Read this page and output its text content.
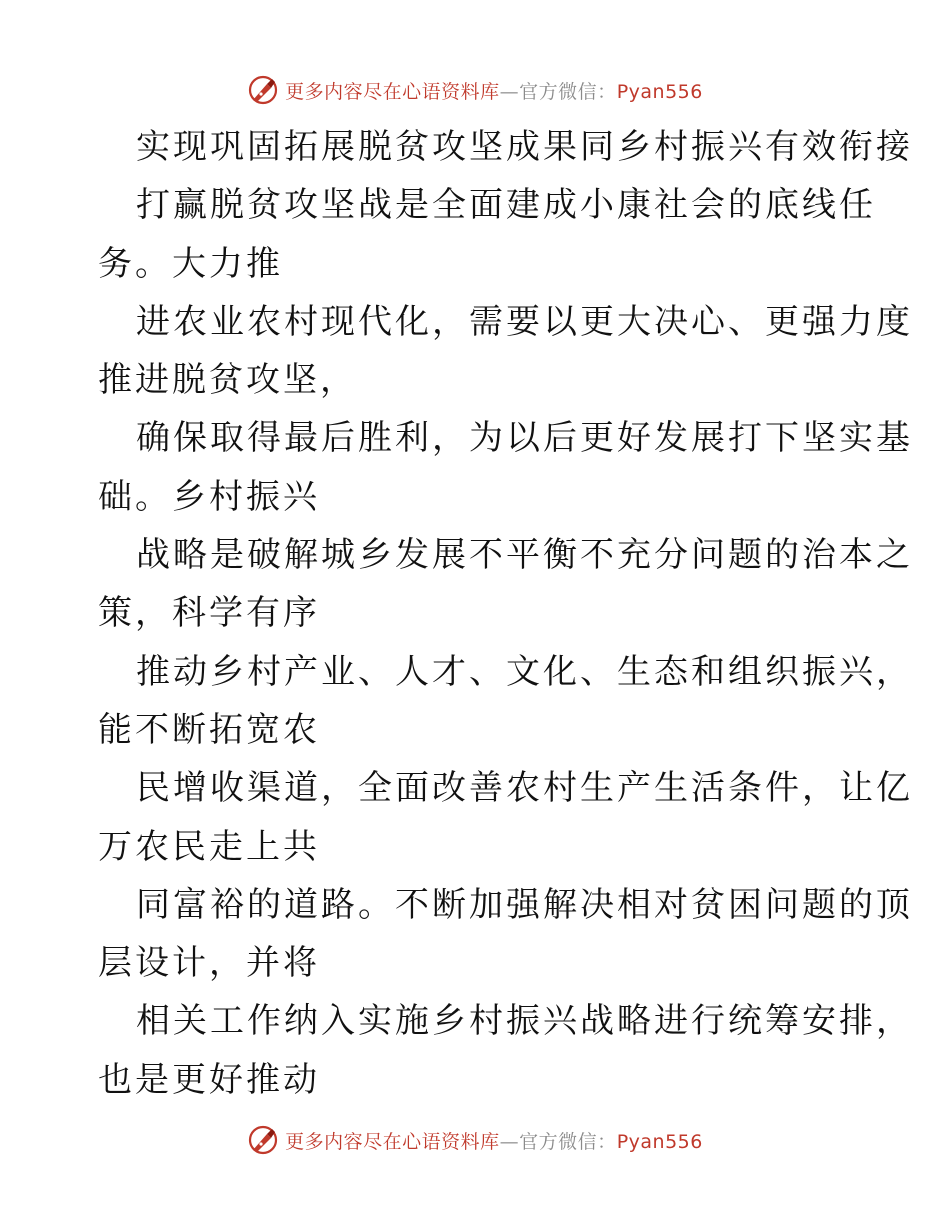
更多内容尽在心语资料库—官方微信：Pyan556
实现巩固拓展脱贫攻坚成果同乡村振兴有效衔接
打赢脱贫攻坚战是全面建成小康社会的底线任
务。大力推
进农业农村现代化，需要以更大决心、更强力度
推进脱贫攻坚，
确保取得最后胜利，为以后更好发展打下坚实基
础。乡村振兴
战略是破解城乡发展不平衡不充分问题的治本之
策，科学有序
推动乡村产业、人才、文化、生态和组织振兴，
能不断拓宽农
民增收渠道，全面改善农村生产生活条件，让亿
万农民走上共
同富裕的道路。不断加强解决相对贫困问题的顶
层设计，并将
相关工作纳入实施乡村振兴战略进行统筹安排，
也是更好推动
更多内容尽在心语资料库—官方微信：Pyan556
